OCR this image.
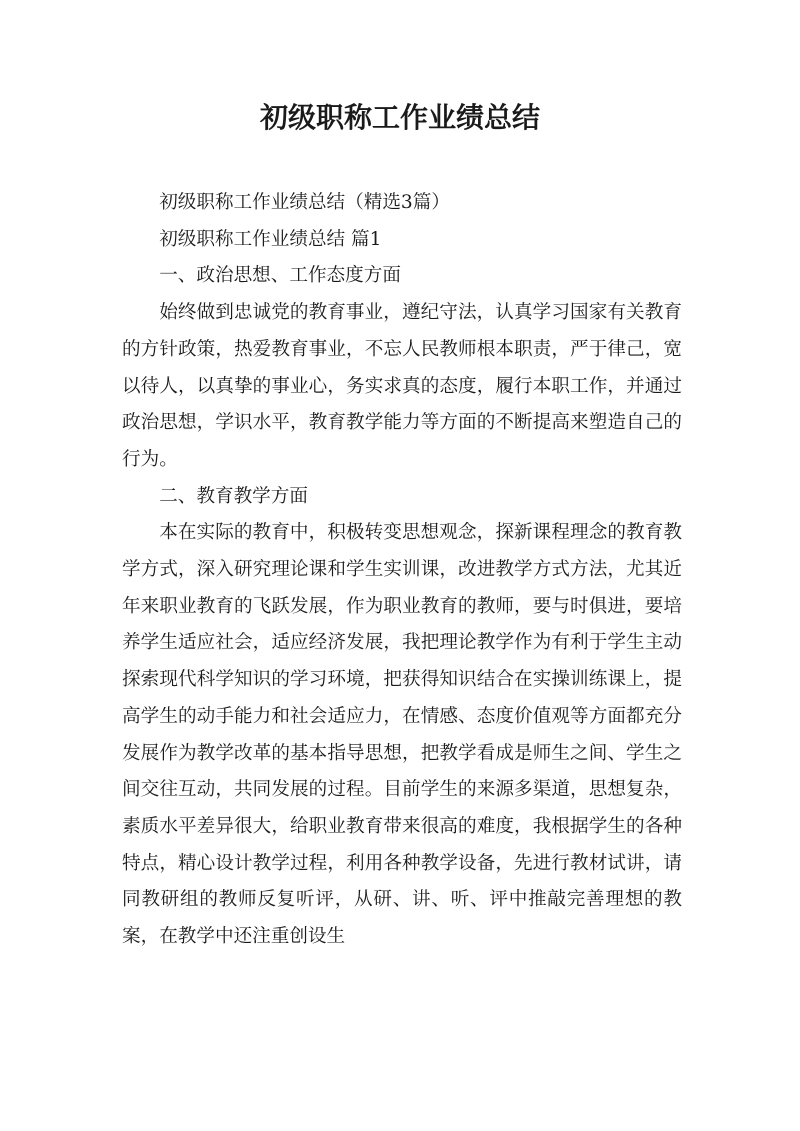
初级职称工作业绩总结

初级职称工作业绩总结（精选3篇）

初级职称工作业绩总结 篇1

一、政治思想、工作态度方面

始终做到忠诚党的教育事业，遵纪守法，认真学习国家有关教育的方针政策，热爱教育事业，不忘人民教师根本职责，严于律己，宽以待人，以真挚的事业心，务实求真的态度，履行本职工作，并通过政治思想，学识水平，教育教学能力等方面的不断提高来塑造自己的行为。

二、教育教学方面

本在实际的教育中，积极转变思想观念，探新课程理念的教育教学方式，深入研究理论课和学生实训课，改进教学方式方法，尤其近年来职业教育的飞跃发展，作为职业教育的教师，要与时俱进，要培养学生适应社会，适应经济发展，我把理论教学作为有利于学生主动探索现代科学知识的学习环境，把获得知识结合在实操训练课上，提高学生的动手能力和社会适应力，在情感、态度价值观等方面都充分发展作为教学改革的基本指导思想，把教学看成是师生之间、学生之间交往互动，共同发展的过程。目前学生的来源多渠道，思想复杂，素质水平差异很大，给职业教育带来很高的难度，我根据学生的各种特点，精心设计教学过程，利用各种教学设备，先进行教材试讲，请同教研组的教师反复听评，从研、讲、听、评中推敲完善理想的教案，在教学中还注重创设生
